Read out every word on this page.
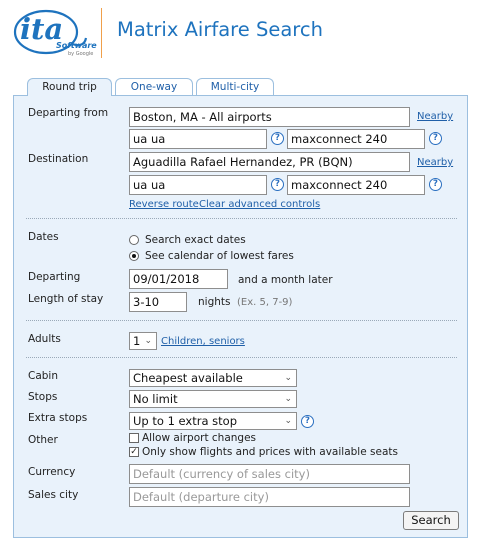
ita
Software
by Google
Matrix Airfare Search
Round trip	One-way	Multi-city
Departing from	Boston, MA - All airports	Nearby
ua ua	? maxconnect 240	?
Destination	Aguadilla Rafael Hernandez, PR (BQN)	Nearby
ua ua	? maxconnect 240	?
Reverse route Clear advanced controls
Dates	Search exact dates
See calendar of lowest fares
Departing	09/01/2018	and a month later
Length of stay	3-10	nights (Ex. 5, 7-9)
Adults	1 ⌄ Children, seniors
Cabin	Cheapest available	⌄
Stops	No limit	⌄
Extra stops	Up to 1 extra stop	⌄	?
Other	Allow airport changes
✓ Only show flights and prices with available seats
Currency	Default (currency of sales city)
Sales city	Default (departure city)
Search
